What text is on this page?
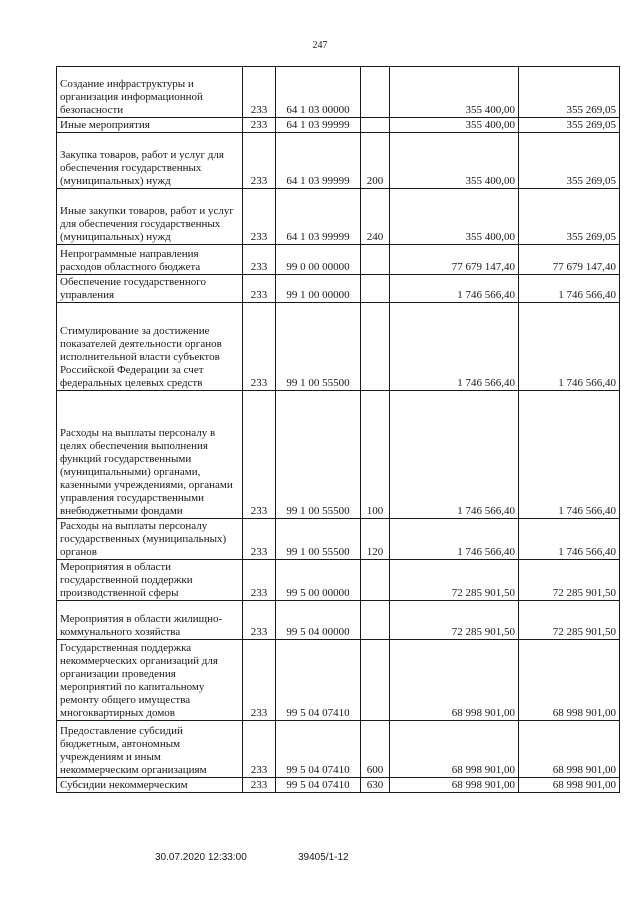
247
Создание инфраструктуры и организация информационной безопасности	233	64 1 03 00000		355 400,00	355 269,05
Иные мероприятия	233	64 1 03 99999		355 400,00	355 269,05
Закупка товаров, работ и услуг для обеспечения государственных (муниципальных) нужд	233	64 1 03 99999	200	355 400,00	355 269,05
Иные закупки товаров, работ и услуг для обеспечения государственных (муниципальных) нужд	233	64 1 03 99999	240	355 400,00	355 269,05
Непрограммные направления расходов областного бюджета	233	99 0 00 00000		77 679 147,40	77 679 147,40
Обеспечение государственного управления	233	99 1 00 00000		1 746 566,40	1 746 566,40
Стимулирование за достижение показателей деятельности органов исполнительной власти субъектов Российской Федерации за счет федеральных целевых средств	233	99 1 00 55500		1 746 566,40	1 746 566,40
Расходы на выплаты персоналу в целях обеспечения выполнения функций государственными (муниципальными) органами, казенными учреждениями, органами управления государственными внебюджетными фондами	233	99 1 00 55500	100	1 746 566,40	1 746 566,40
Расходы на выплаты персоналу государственных (муниципальных) органов	233	99 1 00 55500	120	1 746 566,40	1 746 566,40
Мероприятия в области государственной поддержки производственной сферы	233	99 5 00 00000		72 285 901,50	72 285 901,50
Мероприятия в области жилищно-коммунального хозяйства	233	99 5 04 00000		72 285 901,50	72 285 901,50
Государственная поддержка некоммерческих организаций для организации проведения мероприятий по капитальному ремонту общего имущества многоквартирных домов	233	99 5 04 07410		68 998 901,00	68 998 901,00
Предоставление субсидий бюджетным, автономным учреждениям и иным некоммерческим организациям	233	99 5 04 07410	600	68 998 901,00	68 998 901,00
Субсидии некоммерческим	233	99 5 04 07410	630	68 998 901,00	68 998 901,00
30.07.2020 12:33:00	39405/1-12
